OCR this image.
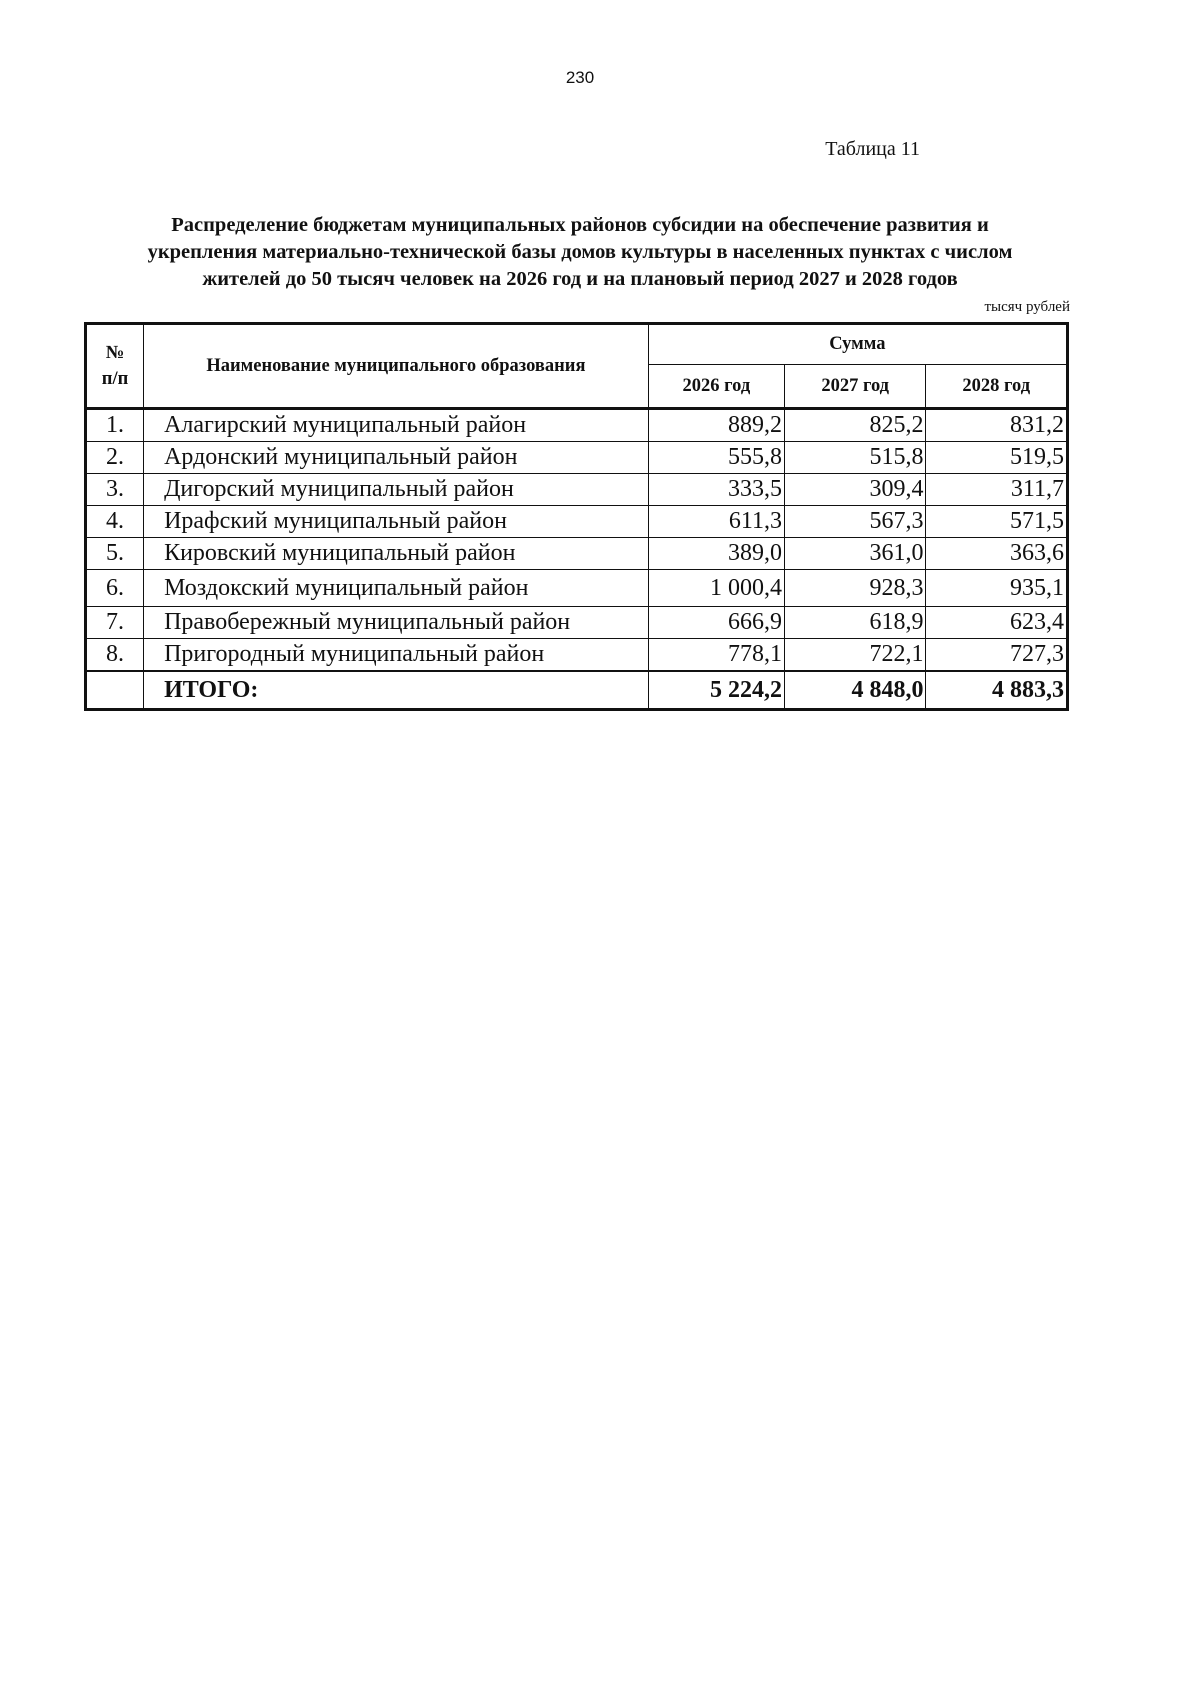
230
Таблица 11
Распределение бюджетам муниципальных районов субсидии на обеспечение развития и
укрепления материально-технической базы домов культуры в населенных пунктах с числом
жителей до 50 тысяч человек на 2026 год и на плановый период 2027 и 2028 годов
тысяч рублей
№
п/п	Наименование муниципального образования	Сумма		
		2026 год	2027 год	2028 год
1.	Алагирский муниципальный район	889,2	825,2	831,2
2.	Ардонский муниципальный район	555,8	515,8	519,5
3.	Дигорский муниципальный район	333,5	309,4	311,7
4.	Ирафский муниципальный район	611,3	567,3	571,5
5.	Кировский муниципальный район	389,0	361,0	363,6
6.	Моздокский муниципальный район	1 000,4	928,3	935,1
7.	Правобережный муниципальный район	666,9	618,9	623,4
8.	Пригородный муниципальный район	778,1	722,1	727,3
	ИТОГО:	5 224,2	4 848,0	4 883,3
